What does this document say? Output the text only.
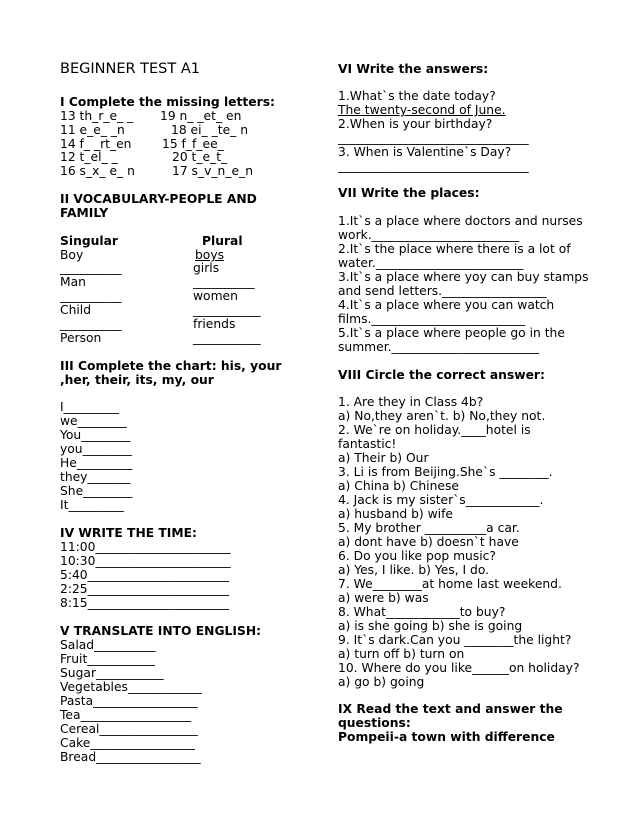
BEGINNER TEST A1
I Complete the missing letters:
13 th_r_e_ _ 19 n_ _et_ en
11 e_e_ _n	18 ei_ _te_ n
14 f_ _rt_en 15 f_f_ee_
12 t_el_ _	20 t_e_t_
16 s_x_ e_ n	17 s_v_n_e_n
II VOCABULARY-PEOPLE AND
FAMILY
Singular	Plural
Boy	boys
__________	girls
Man	__________
__________	women
Child	___________
__________	friends
Person	___________
III Complete the chart: his, your
,her, their, its, my, our
I_________
we________
You________
you________
He_________
they_______
She________
It_________
IV WRITE THE TIME:
11:00______________________
10:30______________________
5:40_______________________
2:25_______________________
8:15_______________________
V TRANSLATE INTO ENGLISH:
Salad__________
Fruit___________
Sugar___________
Vegetables____________
Pasta_________________
Tea__________________
Cereal________________
Cake_________________
Bread_________________
VI Write the answers:
1.What`s the date today?
The twenty-second of June.
2.When is your birthday?
_______________________________
3. When is Valentine`s Day?
_______________________________
VII Write the places:
1.It`s a place where doctors and nurses
work.________________________
2.It`s the place where there is a lot of
water.________________________
3.It`s a place where yoy can buy stamps
and send letters._________________
4.It`s a place where you can watch
films._________________________
5.It`s a place where people go in the
summer.________________________
VIII Circle the correct answer:
1. Are they in Class 4b?
a) No,they aren`t. b) No,they not.
2. We`re on holiday.____hotel is
fantastic!
a) Their b) Our
3. Li is from Beijing.She`s ________.
a) China b) Chinese
4. Jack is my sister`s____________.
a) husband b) wife
5. My brother __________a car.
a) dont have b) doesn`t have
6. Do you like pop music?
a) Yes, I like. b) Yes, I do.
7. We________at home last weekend.
a) were b) was
8. What____________to buy?
a) is she going b) she is going
9. It`s dark.Can you ________the light?
a) turn off b) turn on
10. Where do you like______on holiday?
a) go b) going
IX Read the text and answer the
questions:
Pompeii-a town with difference
